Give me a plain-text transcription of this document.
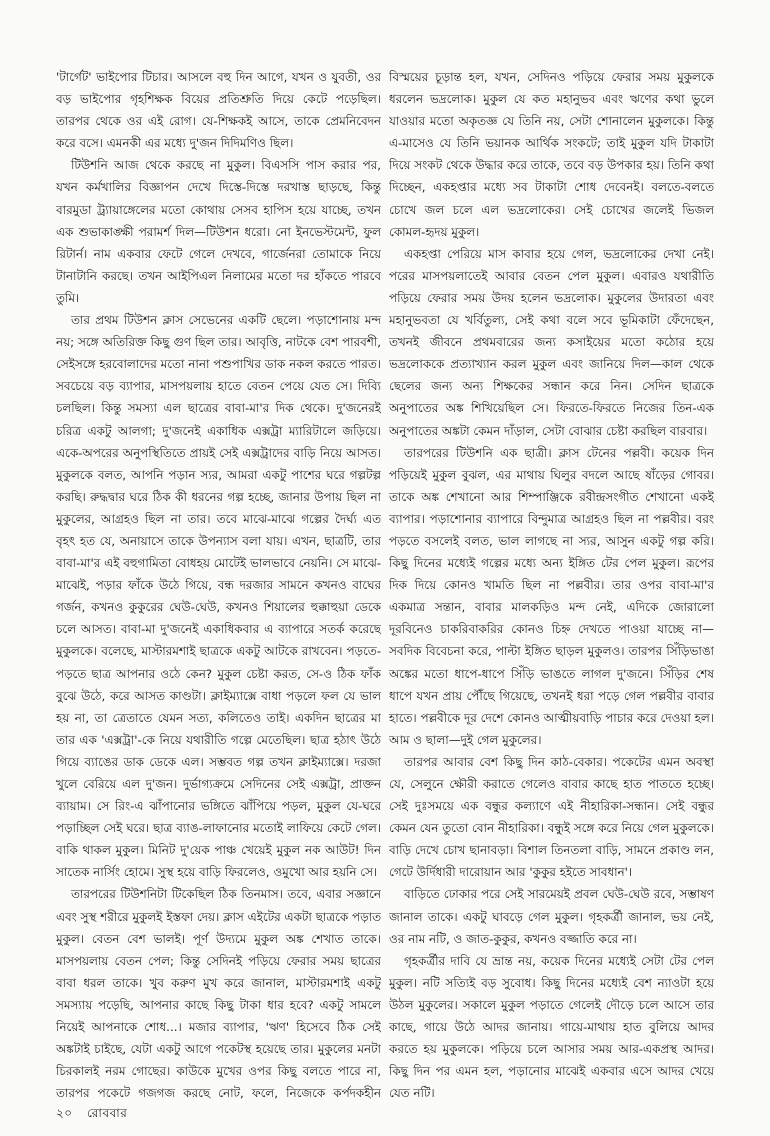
'টার্গেট' ভাইপোর টিচার। আসলে বহু দিন আগে, যখন ও যুবতী, ওর বড় ভাইপোর গৃহশিক্ষক বিয়ের প্রতিশ্রুতি দিয়ে কেটে পড়েছিল। তারপর থেকে ওর এই রোগ। যে-শিক্ষকই আসে, তাকে প্রেমনিবেদন করে বসে। এমনকী এর মধ্যে দু'জন দিদিমণিও ছিল।

টিউশনি আজ থেকে করছে না মুকুল। বিএসসি পাস করার পর, যখন কর্মখালির বিজ্ঞাপন দেখে দিস্তে-দিস্তে দরখাস্ত ছাড়ছে, কিন্তু বারমুডা ট্র্যায়াঙ্গেলের মতো কোথায় সেসব হাপিস হয়ে যাচ্ছে, তখন এক শুভাকাঙ্ক্ষী পরামর্শ দিল—টিউশন ধরো। নো ইনভেস্টমেন্ট, ফুল রিটার্ন। নাম একবার ফেটে গেলে দেখবে, গার্জেনরা তোমাকে নিয়ে টানাটানি করছে। তখন আইপিএল নিলামের মতো দর হাঁকতে পারবে তুমি।

তার প্রথম টিউশন ক্লাস সেভেনের একটি ছেলে। পড়াশোনায় মন্দ নয়; সঙ্গে অতিরিক্ত কিছু গুণ ছিল তার। আবৃত্তি, নাটকে বেশ পারবশী, সেইসঙ্গে হরবোলাদের মতো নানা পশুপাখির ডাক নকল করতে পারত। সবচেয়ে বড় ব্যাপার, মাসপয়লায় হাতে বেতন পেয়ে যেত সে। দিব্যি চলছিল। কিন্তু সমস্যা এল ছাত্রের বাবা-মা'র দিক থেকে। দু'জনেরই চরিত্র একটু আলগা; দু'জনেই একাধিক এক্সট্রা ম্যারিটালে জড়িয়ে। একে-অপরের অনুপস্থিতিতে প্রায়ই সেই এক্সট্রাদের বাড়ি নিয়ে আসত। মুকুলকে বলত, আপনি পড়ান স্যর, আমরা একটু পাশের ঘরে গল্পটল্প করছি। রুদ্ধদ্বার ঘরে ঠিক কী ধরনের গল্প হচ্ছে, জানার উপায় ছিল না মুকুলের, আগ্রহও ছিল না তার। তবে মাঝে-মাঝে গল্পের দৈর্ঘ্য এত বৃহৎ হত যে, অনায়াসে তাকে উপন্যাস বলা যায়। এখন, ছাত্রটি, তার বাবা-মা'র এই বহুগামিতা বোধহয় মোটেই ভালভাবে নেয়নি। সে মাঝে-মাঝেই, পড়ার ফাঁকে উঠে গিয়ে, বন্ধ দরজার সামনে কখনও বাঘের গর্জন, কখনও কুকুরের ঘেউ-ঘেউ, কখনও শিয়ালের হুক্কাহুয়া ডেকে চলে আসত। বাবা-মা দু'জনেই একাধিকবার এ ব্যাপারে সতর্ক করেছে মুকুলকে। বলেছে, মাস্টারমশাই ছাত্রকে একটু আটকে রাখবেন। পড়তে-পড়তে ছাত্র আপনার ওঠে কেন? মুকুল চেষ্টা করত, সে-ও ঠিক ফাঁক বুঝে উঠে, করে আসত কাণ্ডটা। ক্লাইম্যাক্সে বাধা পড়লে ফল যে ভাল হয় না, তা ত্রেতাতে যেমন সত্য, কলিতেও তাই। একদিন ছাত্রের মা তার এক 'এক্সট্রা'-কে নিয়ে যথারীতি গল্পে মেতেছিল। ছাত্র হঠাৎ উঠে গিয়ে ব্যাঙের ডাক ডেকে এল। সম্ভবত গল্প তখন ক্লাইম্যাক্সে। দরজা খুলে বেরিয়ে এল দু'জন। দুর্ভাগ্যক্রমে সেদিনের সেই এক্সট্রা, প্রাক্তন ব্যায়াম। সে রিং-এ ঝাঁপানোর ভঙ্গিতে ঝাঁপিয়ে পড়ল, মুকুল যে-ঘরে পড়াচ্ছিল সেই ঘরে। ছাত্র ব্যাঙ-লাফানোর মতোই লাফিয়ে কেটে গেল। বাকি থাকল মুকুল। মিনিট দু'য়েক পাঞ্চ খেয়েই মুকুল নক আউট! দিন সাতেক নার্সিং হোমে। সুস্থ হয়ে বাড়ি ফিরলেও, ওমুখো আর হয়নি সে।

তারপরের টিউশনিটা টিকেছিল ঠিক তিনমাস। তবে, এবার সজ্ঞানে এবং সুস্থ শরীরে মুকুলই ইস্তফা দেয়। ক্লাস এইটের একটা ছাত্রকে পড়াত মুকুল। বেতন বেশ ভালই। পূর্ণ উদ্যমে মুকুল অঙ্ক শেখাত তাকে। মাসপয়লায় বেতন পেল; কিন্তু সেদিনই পড়িয়ে ফেরার সময় ছাত্রের বাবা ধরল তাকে। খুব করুণ মুখ করে জানাল, মাস্টারমশাই একটু সমস্যায় পড়েছি, আপনার কাছে কিছু টাকা ধার হবে? একটু সামলে নিয়েই আপনাকে শোধ...। মজার ব্যাপার, 'ঋণ' হিসেবে ঠিক সেই অঙ্কটাই চাইছে, যেটা একটু আগে পকেটস্থ হয়েছে তার। মুকুলের মনটা চিরকালই নরম গোছের। কাউকে মুখের ওপর কিছু বলতে পারে না, তারপর পকেটে গজগজ করছে নোট, ফলে, নিজেকে কর্পদকহীন

বিস্ময়ের চূড়ান্ত হল, যখন, সেদিনও পড়িয়ে ফেরার সময় মুকুলকে ধরলেন ভদ্রলোক। মুকুল যে কত মহানুভব এবং ঋণের কথা ভুলে যাওয়ার মতো অকৃতজ্ঞ যে তিনি নয়, সেটা শোনালেন মুকুলকে। কিন্তু এ-মাসেও যে তিনি ভয়ানক আর্থিক সংকটে; তাই মুকুল যদি টাকাটা দিয়ে সংকট থেকে উদ্ধার করে তাকে, তবে বড় উপকার হয়। তিনি কথা দিচ্ছেন, একহপ্তার মধ্যে সব টাকাটা শোধ দেবেনই। বলতে-বলতে চোখে জল চলে এল ভদ্রলোকের। সেই চোখের জলেই ভিজল কোমল-হৃদয় মুকুল।

একহপ্তা পেরিয়ে মাস কাবার হয়ে গেল, ভদ্রলোকের দেখা নেই। পরের মাসপয়লাতেই আবার বেতন পেল মুকুল। এবারও যথারীতি পড়িয়ে ফেরার সময় উদয় হলেন ভদ্রলোক। মুকুলের উদারতা এবং মহানুভবতা যে খর্বিতুল্য, সেই কথা বলে সবে ভূমিকাটা ফেঁদেছেন, তখনই জীবনে প্রথমবারের জন্য কসাইয়ের মতো কঠোর হয়ে ভদ্রলোককে প্রত্যাখ্যান করল মুকুল এবং জানিয়ে দিল—কাল থেকে ছেলের জন্য অন্য শিক্ষকের সন্ধান করে নিন। সেদিন ছাত্রকে অনুপাতের অঙ্ক শিখিয়েছিল সে। ফিরতে-ফিরতে নিজের তিন-এক অনুপাতের অঙ্কটা কেমন দাঁড়াল, সেটা বোঝার চেষ্টা করছিল বারবার।

তারপরের টিউশনি এক ছাত্রী। ক্লাস টেনের পল্লবী। কয়েক দিন পড়িয়েই মুকুল বুঝল, এর মাথায় ঘিলুর বদলে আছে ষাঁড়ের গোবর। তাকে অঙ্ক শেখানো আর শিম্পাঞ্জিকে রবীন্দ্রসংগীত শেখানো একই ব্যাপার। পড়াশোনার ব্যাপারে বিন্দুমাত্র আগ্রহও ছিল না পল্লবীর। বরং পড়তে বসলেই বলত, ভাল লাগছে না স্যর, আসুন একটু গল্প করি। কিছু দিনের মধ্যেই গল্পের মধ্যে অন্য ইঙ্গিত টের পেল মুকুল। রূপের দিক দিয়ে কোনও খামতি ছিল না পল্লবীর। তার ওপর বাবা-মা'র একমাত্র সন্তান, বাবার মালকড়িও মন্দ নেই, এদিকে জোরালো দূরবিনেও চাকরিবাকরির কোনও চিহ্ন দেখতে পাওয়া যাচ্ছে না—সবদিক বিবেচনা করে, পাল্টা ইঙ্গিত ছাড়ল মুকুলও। তারপর সিঁড়িভাঙা অঙ্কের মতো ধাপে-ধাপে সিঁড়ি ভাঙতে লাগল দু'জনে। সিঁড়ির শেষ ধাপে যখন প্রায় পৌঁছে গিয়েছে, তখনই ধরা পড়ে গেল পল্লবীর বাবার হাতে। পল্লবীকে দূর দেশে কোনও আত্মীয়বাড়ি পাচার করে দেওয়া হল। আম ও ছালা—দুই গেল মুকুলের।

তারপর আবার বেশ কিছু দিন কাঠ-বেকার। পকেটের এমন অবস্থা যে, সেলুনে ক্ষৌরী করাতে গেলেও বাবার কাছে হাত পাততে হচ্ছে। সেই দুঃসময়ে এক বন্ধুর কল্যাণে এই নীহারিকা-সন্ধান। সেই বন্ধুর কেমন যেন তুতো বোন নীহারিকা। বন্ধুই সঙ্গে করে নিয়ে গেল মুকুলকে। বাড়ি দেখে চোখ ছানাবড়া। বিশাল তিনতলা বাড়ি, সামনে প্রকাণ্ড লন, গেটে উর্দিধারী দারোয়ান আর 'কুকুর হইতে সাবধান'।

বাড়িতে ঢোকার পরে সেই সারমেয়ই প্রবল ঘেউ-ঘেউ রবে, সম্ভাষণ জানাল তাকে। একটু ঘাবড়ে গেল মুকুল। গৃহকর্ত্রী জানাল, ভয় নেই, ওর নাম নটি, ও জাত-কুকুর, কখনও বজ্জাতি করে না।

গৃহকর্ত্রীর দাবি যে ভ্রান্ত নয়, কয়েক দিনের মধ্যেই সেটা টের পেল মুকুল। নটি সত্যিই বড় সুবোধ। কিছু দিনের মধ্যেই বেশ ন্যাওটা হয়ে উঠল মুকুলের। সকালে মুকুল পড়াতে গেলেই দৌড়ে চলে আসে তার কাছে, গায়ে উঠে আদর জানায়। গায়ে-মাথায় হাত বুলিয়ে আদর করতে হয় মুকুলকে। পড়িয়ে চলে আসার সময় আর-একপ্রস্থ আদর। কিছু দিন পর এমন হল, পড়ানোর মাঝেই একবার এসে আদর খেয়ে যেত নটি।

২০ রোববার
